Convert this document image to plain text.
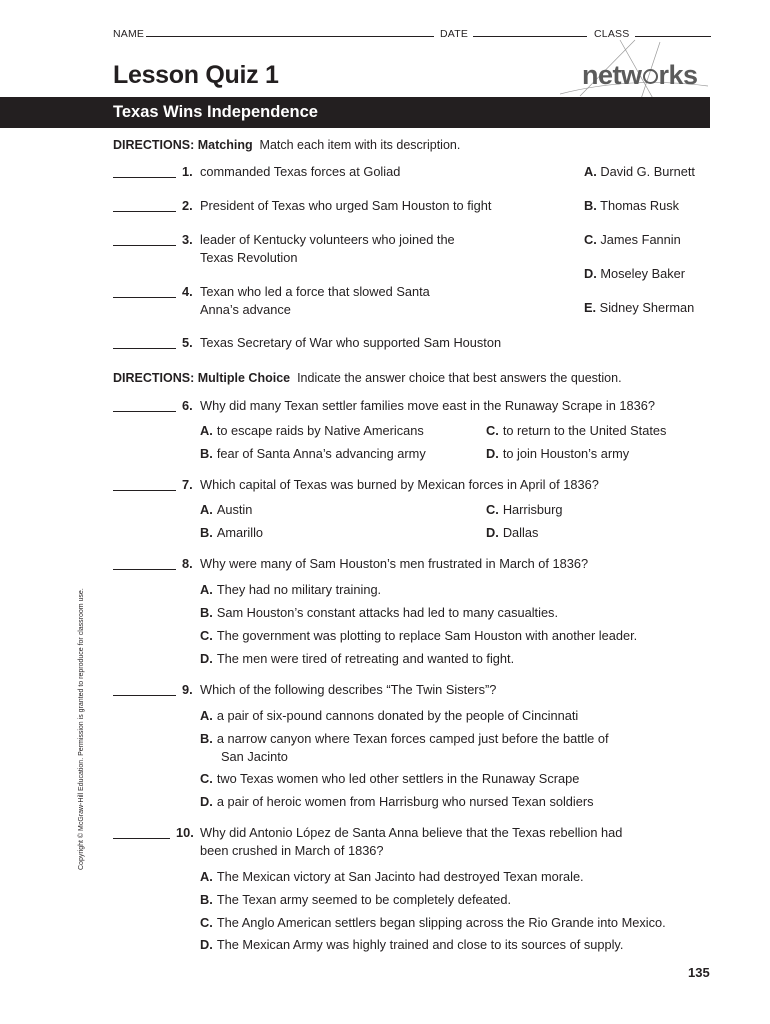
NAME	DATE	CLASS
Lesson Quiz 1	netw rks
Texas Wins Independence
DIRECTIONS: Matching Match each item with its description.
1. commanded Texas forces at Goliad
2. President of Texas who urged Sam Houston to fight
3. leader of Kentucky volunteers who joined the
Texas Revolution
4. Texan who led a force that slowed Santa
Anna’s advance
5. Texas Secretary of War who supported Sam Houston
A. David G. Burnett
B. Thomas Rusk
C. James Fannin
D. Moseley Baker
E. Sidney Sherman
DIRECTIONS: Multiple Choice Indicate the answer choice that best answers the question.
6. Why did many Texan settler families move east in the Runaway Scrape in 1836?
A. to escape raids by Native Americans
B. fear of Santa Anna’s advancing army
C. to return to the United States
D. to join Houston’s army
7. Which capital of Texas was burned by Mexican forces in April of 1836?
A. Austin
B. Amarillo
C. Harrisburg
D. Dallas
8. Why were many of Sam Houston’s men frustrated in March of 1836?
A. They had no military training.
B. Sam Houston’s constant attacks had led to many casualties.
C. The government was plotting to replace Sam Houston with another leader.
D. The men were tired of retreating and wanted to fight.
9. Which of the following describes “The Twin Sisters”?
A. a pair of six-pound cannons donated by the people of Cincinnati
B. a narrow canyon where Texan forces camped just before the battle of
San Jacinto
C. two Texas women who led other settlers in the Runaway Scrape
D. a pair of heroic women from Harrisburg who nursed Texan soldiers
10. Why did Antonio López de Santa Anna believe that the Texas rebellion had
been crushed in March of 1836?
A. The Mexican victory at San Jacinto had destroyed Texan morale.
B. The Texan army seemed to be completely defeated.
C. The Anglo American settlers began slipping across the Rio Grande into Mexico.
D. The Mexican Army was highly trained and close to its sources of supply.
Copyright © McGraw-Hill Education. Permission is granted to reproduce for classroom use.
135
